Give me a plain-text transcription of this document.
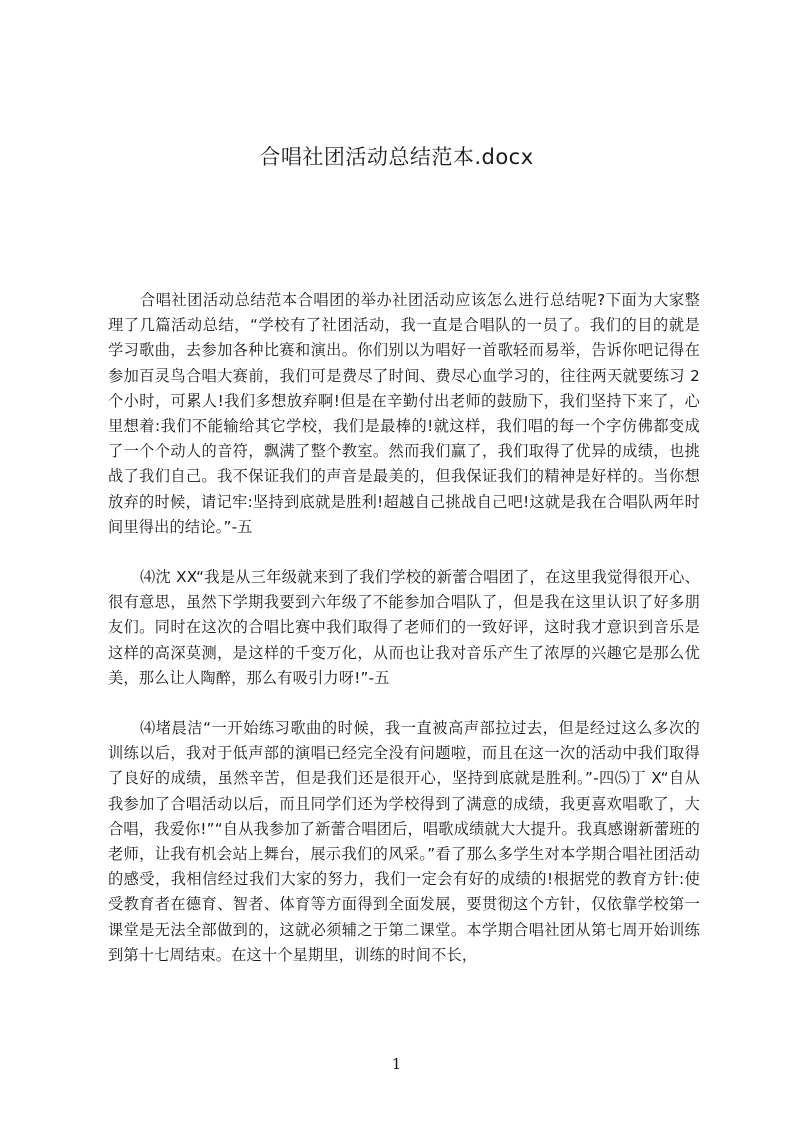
合唱社团活动总结范本.docx

合唱社团活动总结范本合唱团的举办社团活动应该怎么进行总结呢?下面为大家整理了几篇活动总结，“学校有了社团活动，我一直是合唱队的一员了。我们的目的就是学习歌曲，去参加各种比赛和演出。你们别以为唱好一首歌轻而易举，告诉你吧记得在参加百灵鸟合唱大赛前，我们可是费尽了时间、费尽心血学习的，往往两天就要练习 2 个小时，可累人!我们多想放弃啊!但是在辛勤付出老师的鼓励下，我们坚持下来了，心里想着:我们不能输给其它学校，我们是最棒的!就这样，我们唱的每一个字仿佛都变成了一个个动人的音符，飘满了整个教室。然而我们赢了，我们取得了优异的成绩，也挑战了我们自己。我不保证我们的声音是最美的，但我保证我们的精神是好样的。当你想放弃的时候，请记牢:坚持到底就是胜利!超越自己挑战自己吧!这就是我在合唱队两年时间里得出的结论。”-五

⑷沈 XX“我是从三年级就来到了我们学校的新蕾合唱团了，在这里我觉得很开心、很有意思，虽然下学期我要到六年级了不能参加合唱队了，但是我在这里认识了好多朋友们。同时在这次的合唱比赛中我们取得了老师们的一致好评，这时我才意识到音乐是这样的高深莫测，是这样的千变万化，从而也让我对音乐产生了浓厚的兴趣它是那么优美，那么让人陶醉，那么有吸引力呀!”-五

⑷堵晨洁“一开始练习歌曲的时候，我一直被高声部拉过去，但是经过这么多次的训练以后，我对于低声部的演唱已经完全没有问题啦，而且在这一次的活动中我们取得了良好的成绩，虽然辛苦，但是我们还是很开心，坚持到底就是胜利。”-四⑸丁 X“自从我参加了合唱活动以后，而且同学们还为学校得到了满意的成绩，我更喜欢唱歌了，大合唱，我爱你!”“自从我参加了新蕾合唱团后，唱歌成绩就大大提升。我真感谢新蕾班的老师，让我有机会站上舞台，展示我们的风采。”看了那么多学生对本学期合唱社团活动的感受，我相信经过我们大家的努力，我们一定会有好的成绩的!根据党的教育方针:使受教育者在德育、智者、体育等方面得到全面发展，要贯彻这个方针，仅依靠学校第一课堂是无法全部做到的，这就必须辅之于第二课堂。本学期合唱社团从第七周开始训练到第十七周结束。在这十个星期里，训练的时间不长，

1
